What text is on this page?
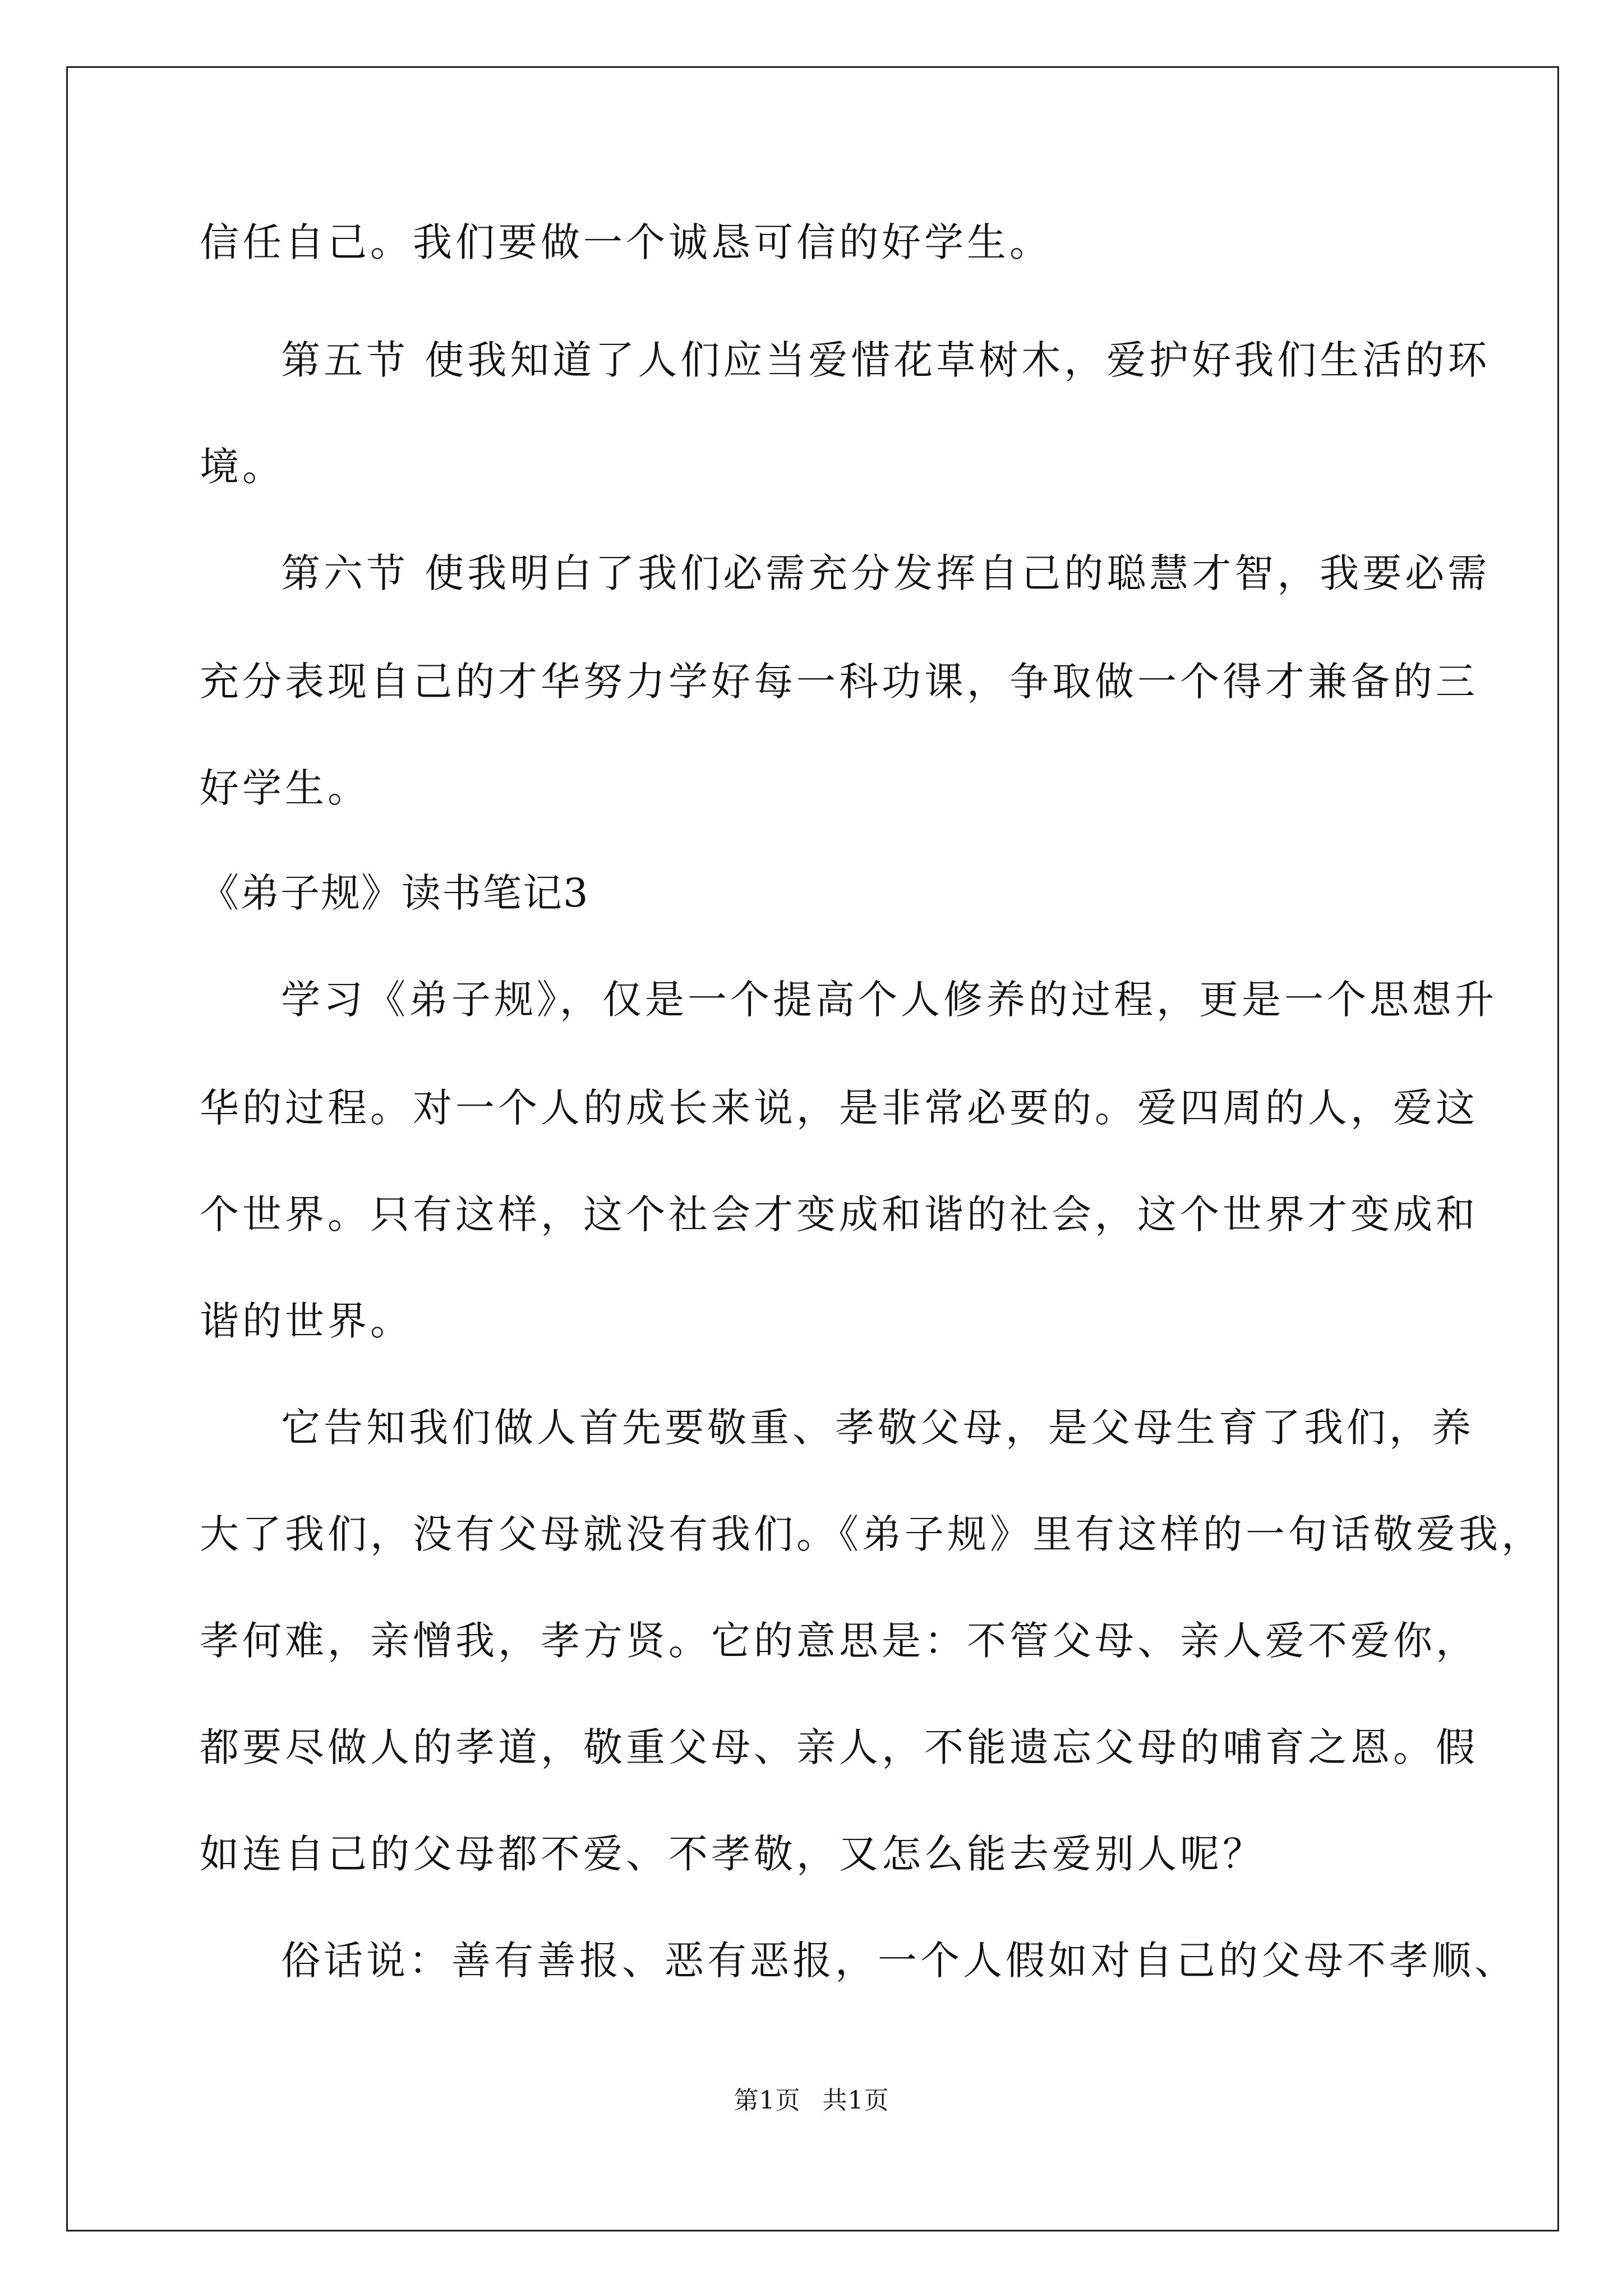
信任自己。我们要做一个诚恳可信的好学生。
第五节 使我知道了人们应当爱惜花草树木，爱护好我们生活的环
境。
第六节 使我明白了我们必需充分发挥自己的聪慧才智，我要必需
充分表现自己的才华努力学好每一科功课，争取做一个得才兼备的三
好学生。
《弟子规》读书笔记3
学习《弟子规》，仅是一个提高个人修养的过程，更是一个思想升
华的过程。对一个人的成长来说，是非常必要的。爱四周的人，爱这
个世界。只有这样，这个社会才变成和谐的社会，这个世界才变成和
谐的世界。
它告知我们做人首先要敬重、孝敬父母，是父母生育了我们，养
大了我们，没有父母就没有我们。《弟子规》里有这样的一句话敬爱我，
孝何难，亲憎我，孝方贤。它的意思是：不管父母、亲人爱不爱你，
都要尽做人的孝道，敬重父母、亲人，不能遗忘父母的哺育之恩。假
如连自己的父母都不爱、不孝敬，又怎么能去爱别人呢？
俗话说：善有善报、恶有恶报，一个人假如对自己的父母不孝顺、
第1页 共1页
